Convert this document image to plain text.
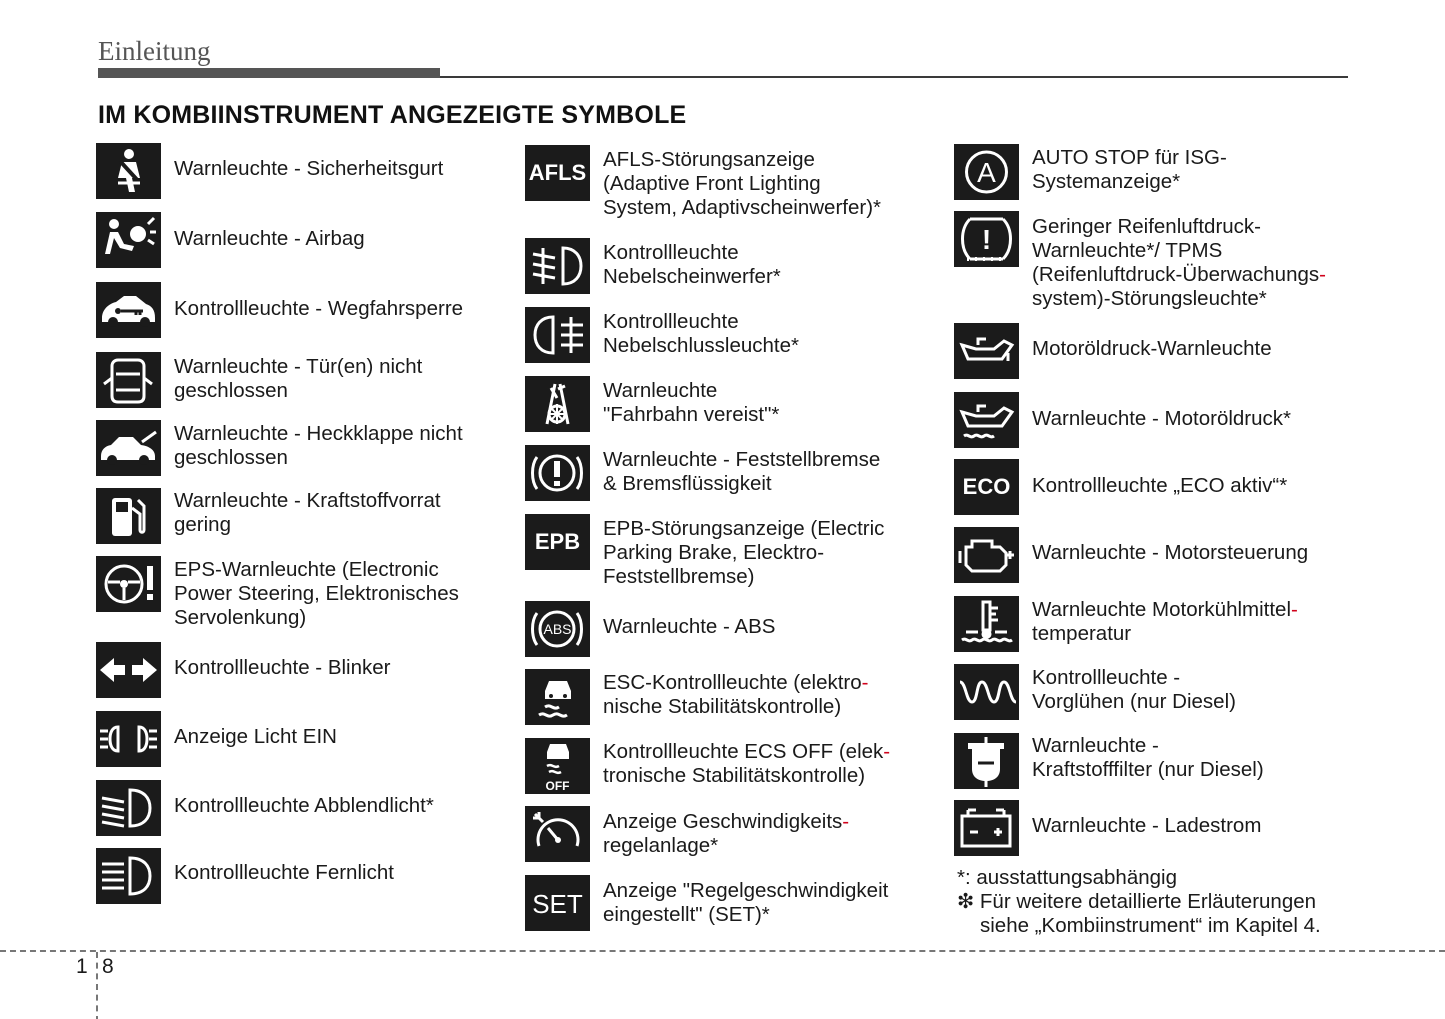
Einleitung
IM KOMBIINSTRUMENT ANGEZEIGTE SYMBOLE
Warnleuchte - Sicherheitsgurt
Warnleuchte - Airbag
Kontrollleuchte - Wegfahrsperre
Warnleuchte - Tür(en) nicht
geschlossen
Warnleuchte - Heckklappe nicht
geschlossen
Warnleuchte - Kraftstoffvorrat
gering
EPS-Warnleuchte (Electronic
Power Steering, Elektronisches
Servolenkung)
Kontrollleuchte - Blinker
Anzeige Licht EIN
Kontrollleuchte Abblendlicht*
Kontrollleuchte Fernlicht
AFLS
AFLS-Störungsanzeige
(Adaptive Front Lighting
System, Adaptivscheinwerfer)*
Kontrollleuchte
Nebelscheinwerfer*
Kontrollleuchte
Nebelschlussleuchte*
Warnleuchte
"Fahrbahn vereist"*
Warnleuchte - Feststellbremse
& Bremsflüssigkeit
EPB
EPB-Störungsanzeige (Electric
Parking Brake, Elecktro-
Feststellbremse)
ABS Warnleuchte - ABS
ESC-Kontrollleuchte (elektro-
nische Stabilitätskontrolle)
OFF
Kontrollleuchte ECS OFF (elek-
tronische Stabilitätskontrolle)
Anzeige Geschwindigkeits-
regelanlage*
SET Anzeige "Regelgeschwindigkeit
eingestellt" (SET)*
A AUTO STOP für ISG-
Systemanzeige*
! Geringer Reifenluftdruck-
Warnleuchte*/ TPMS
(Reifenluftdruck-Überwachungs-
system)-Störungsleuchte*
Motoröldruck-Warnleuchte
Warnleuchte - Motoröldruck*
ECO Kontrollleuchte „ECO aktiv“*
Warnleuchte - Motorsteuerung
Warnleuchte Motorkühlmittel-
temperatur
Kontrollleuchte -
Vorglühen (nur Diesel)
Warnleuchte -
Kraftstofffilter (nur Diesel)
Warnleuchte - Ladestrom
*: ausstattungsabhängig
❇ Für weitere detaillierte Erläuterungen
siehe „Kombiinstrument“ im Kapitel 4.
1 8
